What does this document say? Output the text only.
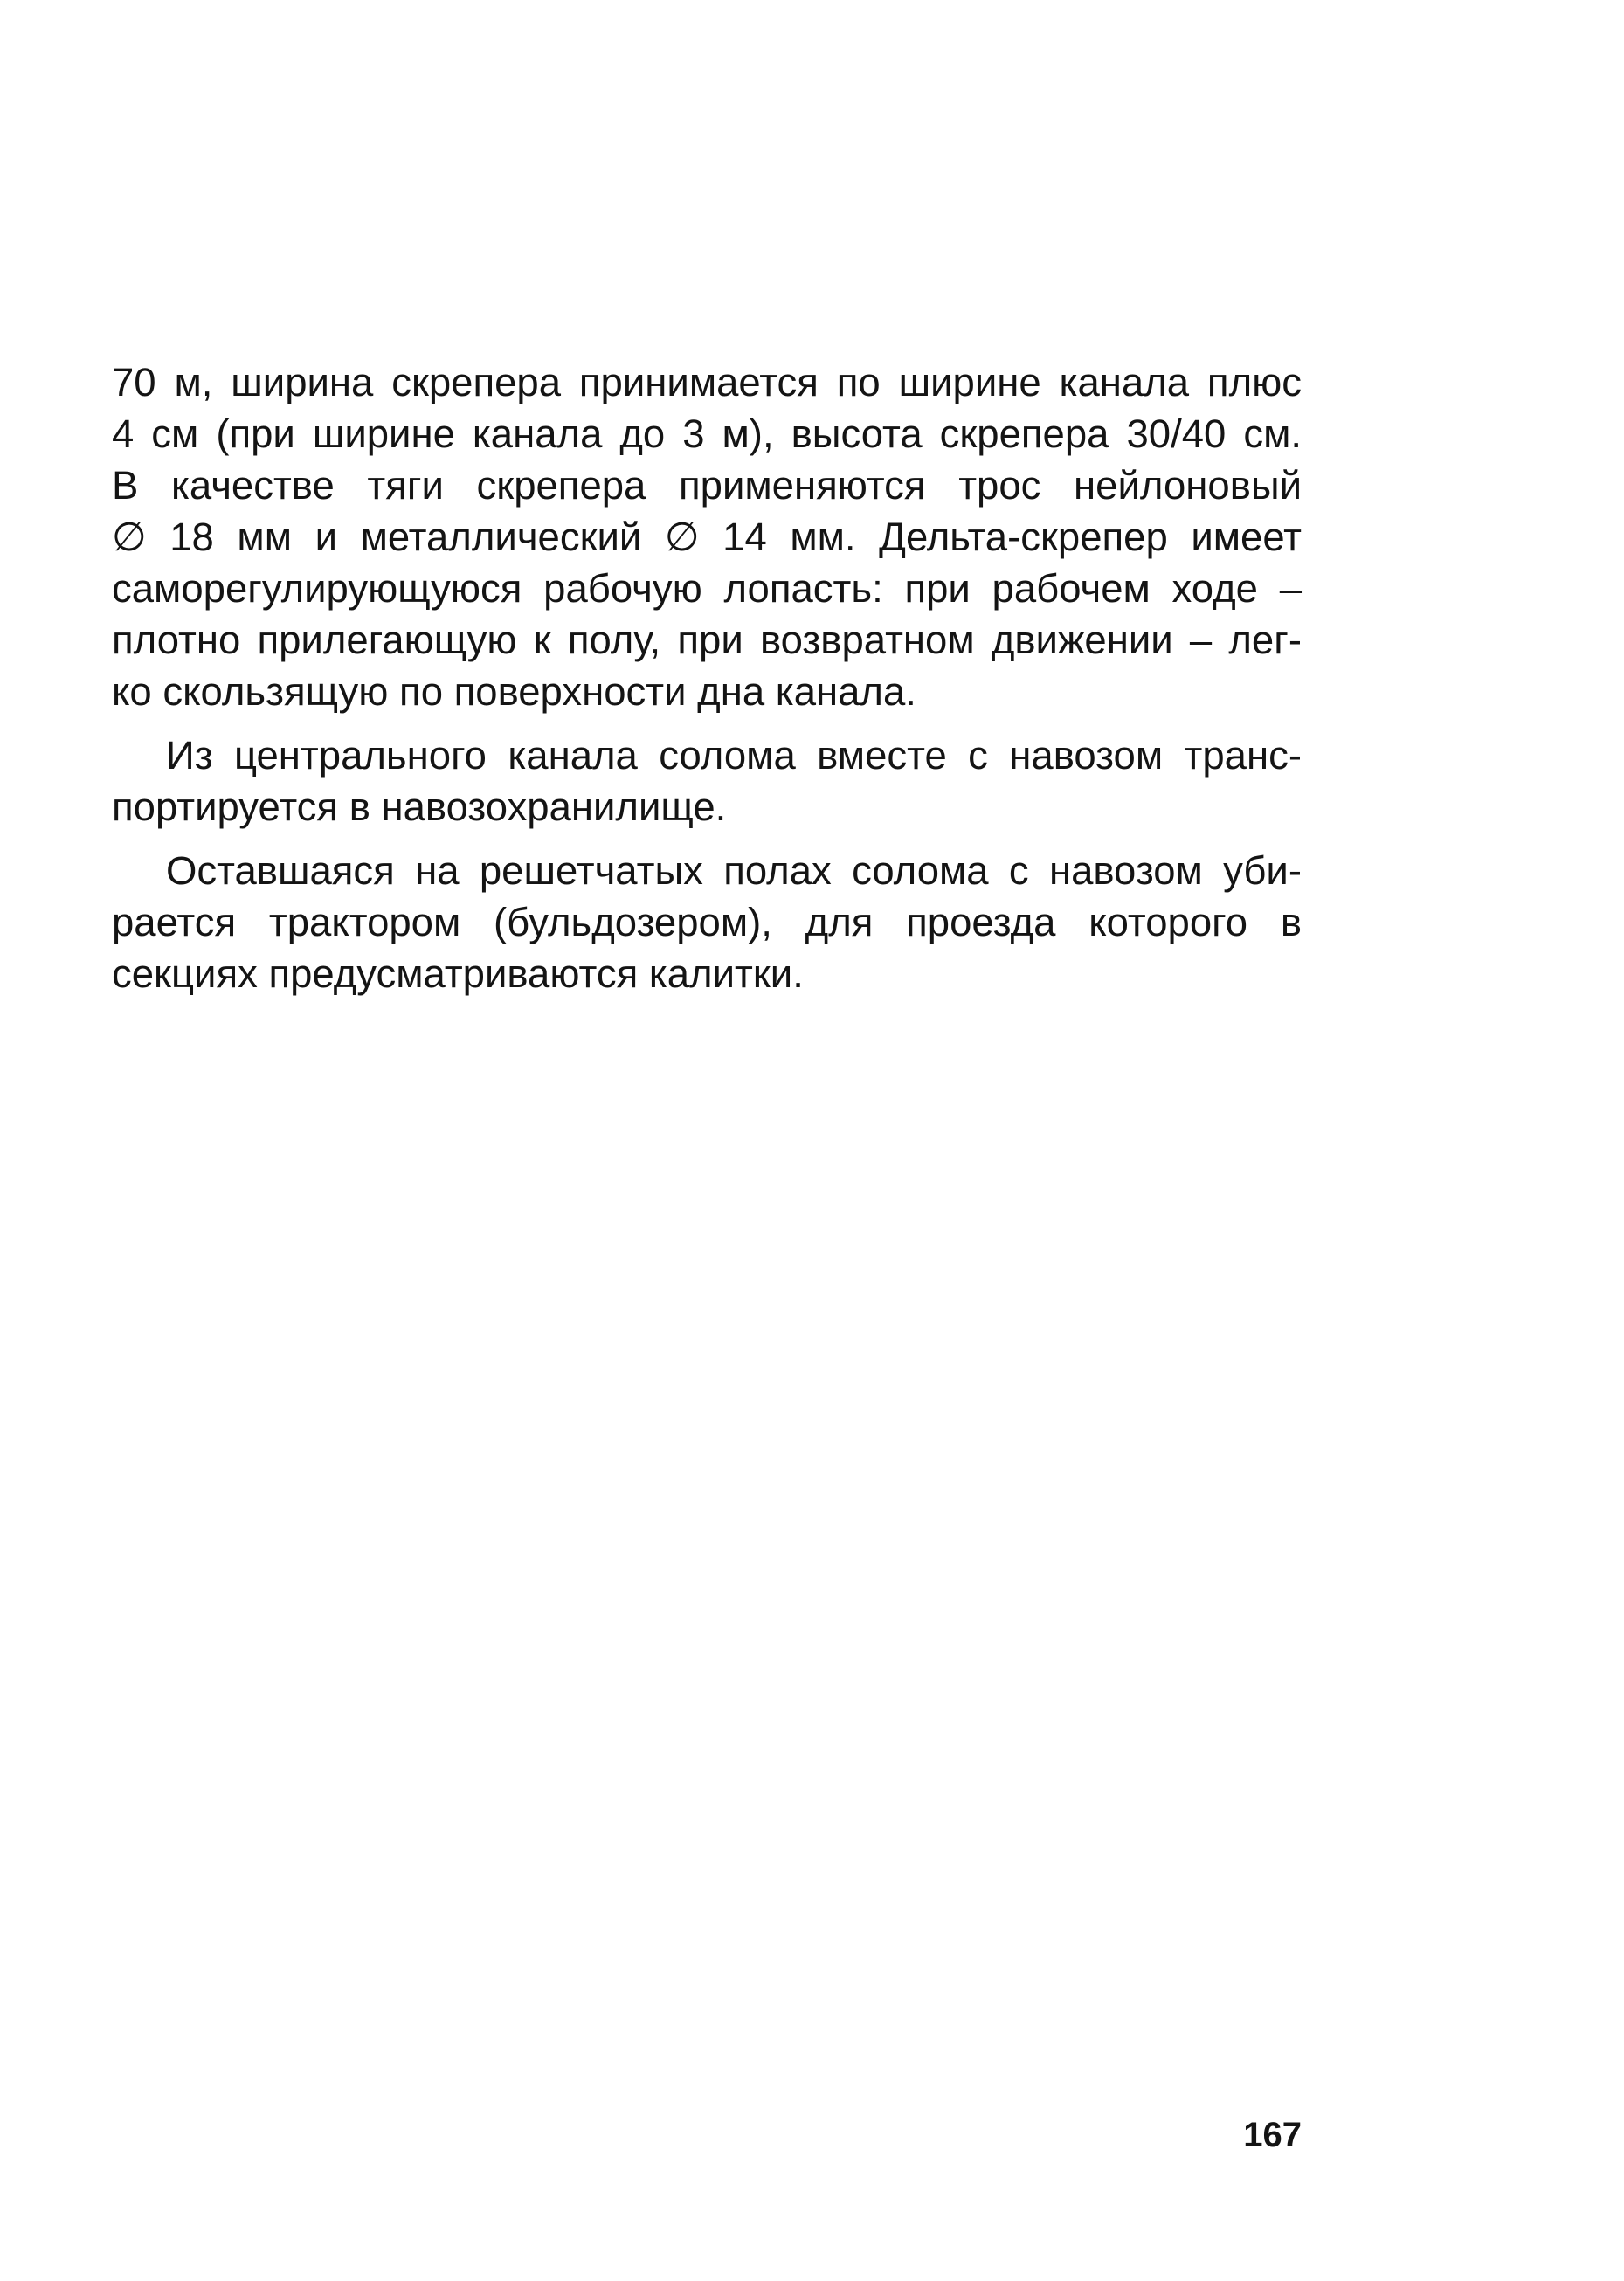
70 м, ширина скрепера принимается по ширине канала плюс
4 см (при ширине канала до 3 м), высота скрепера 30/40 см.
В качестве тяги скрепера применяются трос нейлоновый
∅ 18 мм и металлический ∅ 14 мм. Дельта-скрепер имеет
саморегулирующуюся рабочую лопасть: при рабочем ходе –
плотно прилегающую к полу, при возвратном движении – лег-
ко скользящую по поверхности дна канала.
Из центрального канала солома вместе с навозом транс-
портируется в навозохранилище.
Оставшаяся на решетчатых полах солома с навозом уби-
рается трактором (бульдозером), для проезда которого в
секциях предусматриваются калитки.
167
